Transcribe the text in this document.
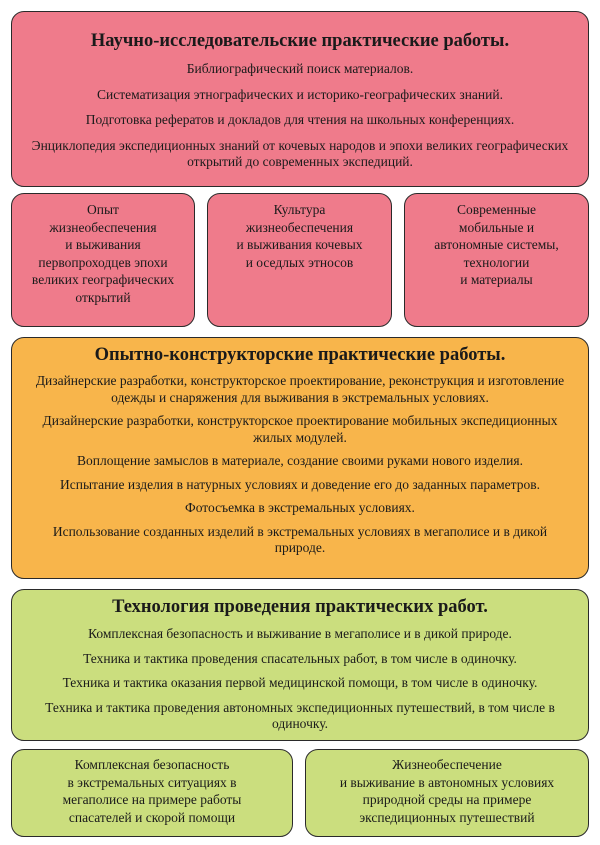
Научно-исследовательские практические работы.
Библиографический поиск материалов.
Систематизация этнографических и историко-географических знаний.
Подготовка рефератов и докладов для чтения на школьных конференциях.
Энциклопедия экспедиционных знаний от кочевых народов и эпохи великих географических открытий до современных экспедиций.
Опыт
жизнеобеспечения
и выживания
первопроходцев эпохи
великих географических
открытий
Культура
жизнеобеспечения
и выживания кочевых
и оседлых этносов
Современные
мобильные и
автономные системы,
технологии
и материалы
Опытно-конструкторские практические работы.
Дизайнерские разработки, конструкторское проектирование, реконструкция и изготовление одежды и снаряжения для выживания в экстремальных условиях.
Дизайнерские разработки, конструкторское проектирование мобильных экспедиционных жилых модулей.
Воплощение замыслов в материале, создание своими руками нового изделия.
Испытание изделия в натурных условиях и доведение его до заданных параметров.
Фотосъемка в экстремальных условиях.
Использование созданных изделий в экстремальных условиях в мегаполисе и в дикой природе.
Технология проведения практических работ.
Комплексная безопасность и выживание в мегаполисе и в дикой природе.
Техника и тактика проведения спасательных работ, в том числе в одиночку.
Техника и тактика оказания первой медицинской помощи, в том числе в одиночку.
Техника и тактика проведения автономных экспедиционных путешествий, в том числе в одиночку.
Комплексная безопасность
в экстремальных ситуациях в
мегаполисе на примере работы
спасателей и скорой помощи
Жизнеобеспечение
и выживание в автономных условиях
природной среды на примере
экспедиционных путешествий
